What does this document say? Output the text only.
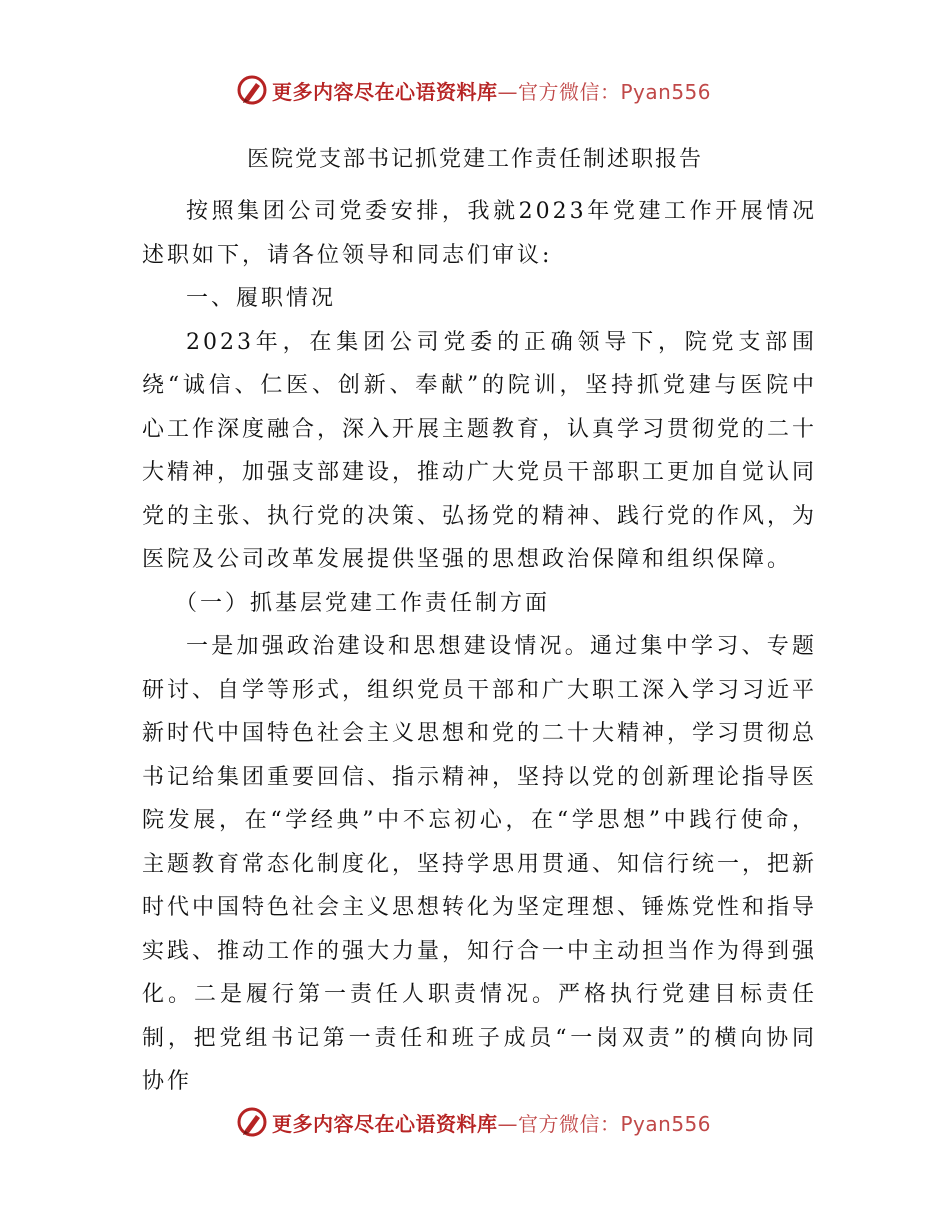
更多内容尽在心语资料库—官方微信：Pyan556
医院党支部书记抓党建工作责任制述职报告

按照集团公司党委安排，我就2023年党建工作开展情况述职如下，请各位领导和同志们审议:

一、履职情况

2023年，在集团公司党委的正确领导下，院党支部围绕“诚信、仁医、创新、奉献”的院训，坚持抓党建与医院中心工作深度融合，深入开展主题教育，认真学习贯彻党的二十大精神，加强支部建设，推动广大党员干部职工更加自觉认同党的主张、执行党的决策、弘扬党的精神、践行党的作风，为医院及公司改革发展提供坚强的思想政治保障和组织保障。

（一）抓基层党建工作责任制方面

一是加强政治建设和思想建设情况。通过集中学习、专题研讨、自学等形式，组织党员干部和广大职工深入学习习近平新时代中国特色社会主义思想和党的二十大精神，学习贯彻总书记给集团重要回信、指示精神，坚持以党的创新理论指导医院发展，在“学经典”中不忘初心，在“学思想”中践行使命，主题教育常态化制度化，坚持学思用贯通、知信行统一，把新时代中国特色社会主义思想转化为坚定理想、锤炼党性和指导实践、推动工作的强大力量，知行合一中主动担当作为得到强化。二是履行第一责任人职责情况。严格执行党建目标责任制，把党组书记第一责任和班子成员“一岗双责”的横向协同协作

更多内容尽在心语资料库—官方微信：Pyan556
